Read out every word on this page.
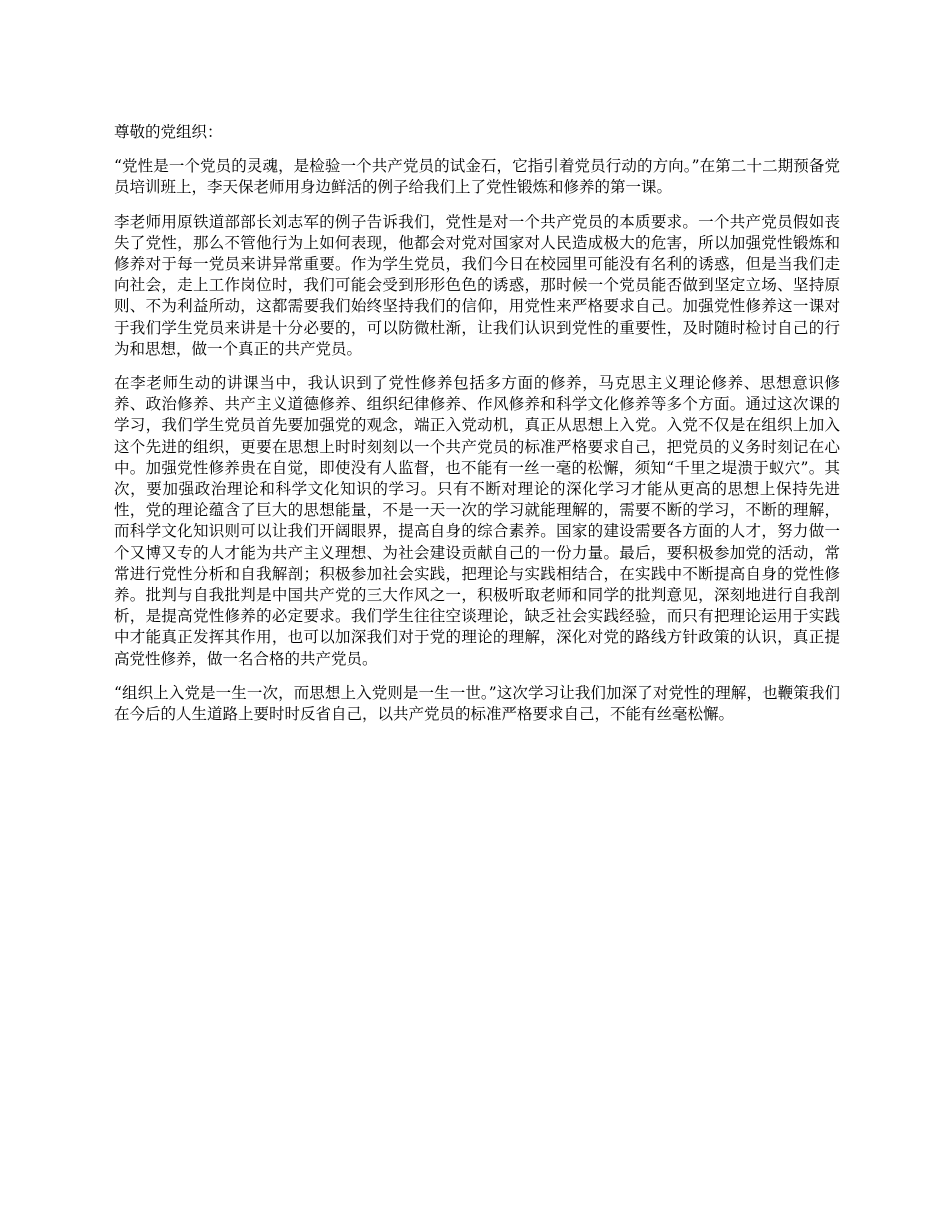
尊敬的党组织：

“党性是一个党员的灵魂，是检验一个共产党员的试金石，它指引着党员行动的方向。”在第二十二期预备党员培训班上，李天保老师用身边鲜活的例子给我们上了党性锻炼和修养的第一课。

李老师用原铁道部部长刘志军的例子告诉我们，党性是对一个共产党员的本质要求。一个共产党员假如丧失了党性，那么不管他行为上如何表现，他都会对党对国家对人民造成极大的危害，所以加强党性锻炼和修养对于每一党员来讲异常重要。作为学生党员，我们今日在校园里可能没有名利的诱惑，但是当我们走向社会，走上工作岗位时，我们可能会受到形形色色的诱惑，那时候一个党员能否做到坚定立场、坚持原则、不为利益所动，这都需要我们始终坚持我们的信仰，用党性来严格要求自己。加强党性修养这一课对于我们学生党员来讲是十分必要的，可以防微杜渐，让我们认识到党性的重要性，及时随时检讨自己的行为和思想，做一个真正的共产党员。

在李老师生动的讲课当中，我认识到了党性修养包括多方面的修养，马克思主义理论修养、思想意识修养、政治修养、共产主义道德修养、组织纪律修养、作风修养和科学文化修养等多个方面。通过这次课的学习，我们学生党员首先要加强党的观念，端正入党动机，真正从思想上入党。入党不仅是在组织上加入这个先进的组织，更要在思想上时时刻刻以一个共产党员的标准严格要求自己，把党员的义务时刻记在心中。加强党性修养贵在自觉，即使没有人监督，也不能有一丝一毫的松懈，须知“千里之堤溃于蚁穴”。其次，要加强政治理论和科学文化知识的学习。只有不断对理论的深化学习才能从更高的思想上保持先进性，党的理论蕴含了巨大的思想能量，不是一天一次的学习就能理解的，需要不断的学习，不断的理解，而科学文化知识则可以让我们开阔眼界，提高自身的综合素养。国家的建设需要各方面的人才，努力做一个又博又专的人才能为共产主义理想、为社会建设贡献自己的一份力量。最后，要积极参加党的活动，常常进行党性分析和自我解剖；积极参加社会实践，把理论与实践相结合，在实践中不断提高自身的党性修养。批判与自我批判是中国共产党的三大作风之一，积极听取老师和同学的批判意见，深刻地进行自我剖析，是提高党性修养的必定要求。我们学生往往空谈理论，缺乏社会实践经验，而只有把理论运用于实践中才能真正发挥其作用，也可以加深我们对于党的理论的理解，深化对党的路线方针政策的认识，真正提高党性修养，做一名合格的共产党员。

“组织上入党是一生一次，而思想上入党则是一生一世。”这次学习让我们加深了对党性的理解，也鞭策我们在今后的人生道路上要时时反省自己，以共产党员的标准严格要求自己，不能有丝毫松懈。
